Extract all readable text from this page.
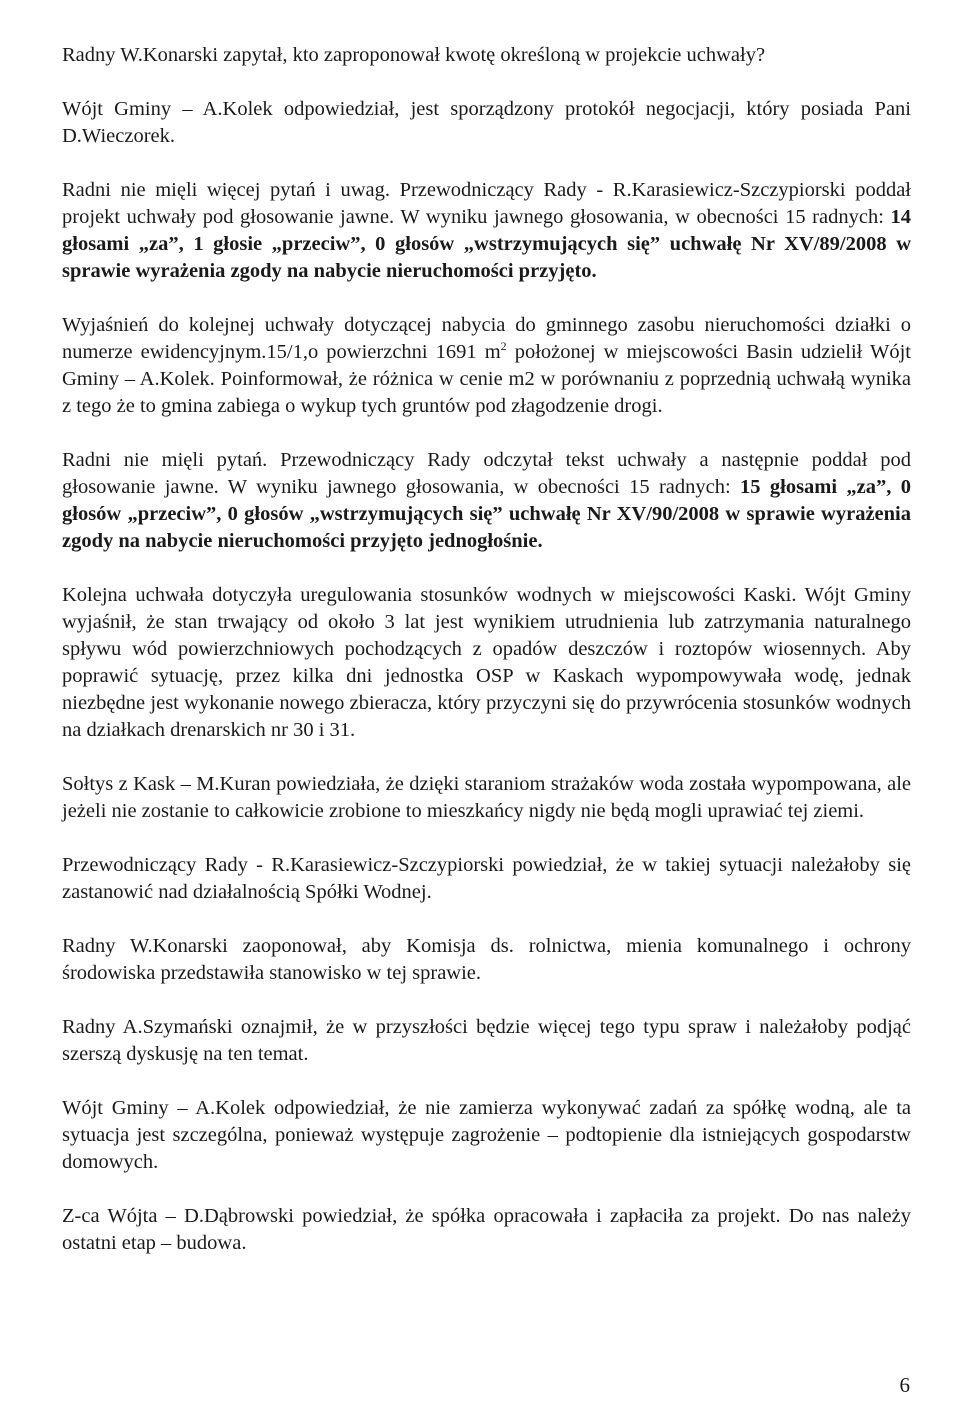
Radny W.Konarski zapytał, kto zaproponował kwotę określoną w projekcie uchwały?

Wójt Gminy – A.Kolek odpowiedział, jest sporządzony protokół negocjacji, który posiada Pani D.Wieczorek.

Radni nie mięli więcej pytań i uwag. Przewodniczący Rady - R.Karasiewicz-Szczypiorski poddał projekt uchwały pod głosowanie jawne. W wyniku jawnego głosowania, w obecności 15 radnych: 14 głosami „za”, 1 głosie „przeciw”, 0 głosów „wstrzymujących się” uchwałę Nr XV/89/2008 w sprawie wyrażenia zgody na nabycie nieruchomości przyjęto.

Wyjaśnień do kolejnej uchwały dotyczącej nabycia do gminnego zasobu nieruchomości działki o numerze ewidencyjnym.15/1,o powierzchni 1691 $m^2$ położonej w miejscowości Basin udzielił Wójt Gminy – A.Kolek. Poinformował, że różnica w cenie m2 w porównaniu z poprzednią uchwałą wynika z tego że to gmina zabiega o wykup tych gruntów pod złagodzenie drogi.

Radni nie mięli pytań. Przewodniczący Rady odczytał tekst uchwały a następnie poddał pod głosowanie jawne. W wyniku jawnego głosowania, w obecności 15 radnych: 15 głosami „za”, 0 głosów „przeciw”, 0 głosów „wstrzymujących się” uchwałę Nr XV/90/2008 w sprawie wyrażenia zgody na nabycie nieruchomości przyjęto jednogłośnie.

Kolejna uchwała dotyczyła uregulowania stosunków wodnych w miejscowości Kaski. Wójt Gminy wyjaśnił, że stan trwający od około 3 lat jest wynikiem utrudnienia lub zatrzymania naturalnego spływu wód powierzchniowych pochodzących z opadów deszczów i roztopów wiosennych. Aby poprawić sytuację, przez kilka dni jednostka OSP w Kaskach wypompowywała wodę, jednak niezbędne jest wykonanie nowego zbieracza, który przyczyni się do przywrócenia stosunków wodnych na działkach drenarskich nr 30 i 31.

Sołtys z Kask – M.Kuran powiedziała, że dzięki staraniom strażaków woda została wypompowana, ale jeżeli nie zostanie to całkowicie zrobione to mieszkańcy nigdy nie będą mogli uprawiać tej ziemi.

Przewodniczący Rady - R.Karasiewicz-Szczypiorski powiedział, że w takiej sytuacji należałoby się zastanowić nad działalnością Spółki Wodnej.

Radny W.Konarski zaoponował, aby Komisja ds. rolnictwa, mienia komunalnego i ochrony środowiska przedstawiła stanowisko w tej sprawie.

Radny A.Szymański oznajmił, że w przyszłości będzie więcej tego typu spraw i należałoby podjąć szerszą dyskusję na ten temat.

Wójt Gminy – A.Kolek odpowiedział, że nie zamierza wykonywać zadań za spółkę wodną, ale ta sytuacja jest szczególna, ponieważ występuje zagrożenie – podtopienie dla istniejących gospodarstw domowych.

Z-ca Wójta – D.Dąbrowski powiedział, że spółka opracowała i zapłaciła za projekt. Do nas należy ostatni etap – budowa.

6
